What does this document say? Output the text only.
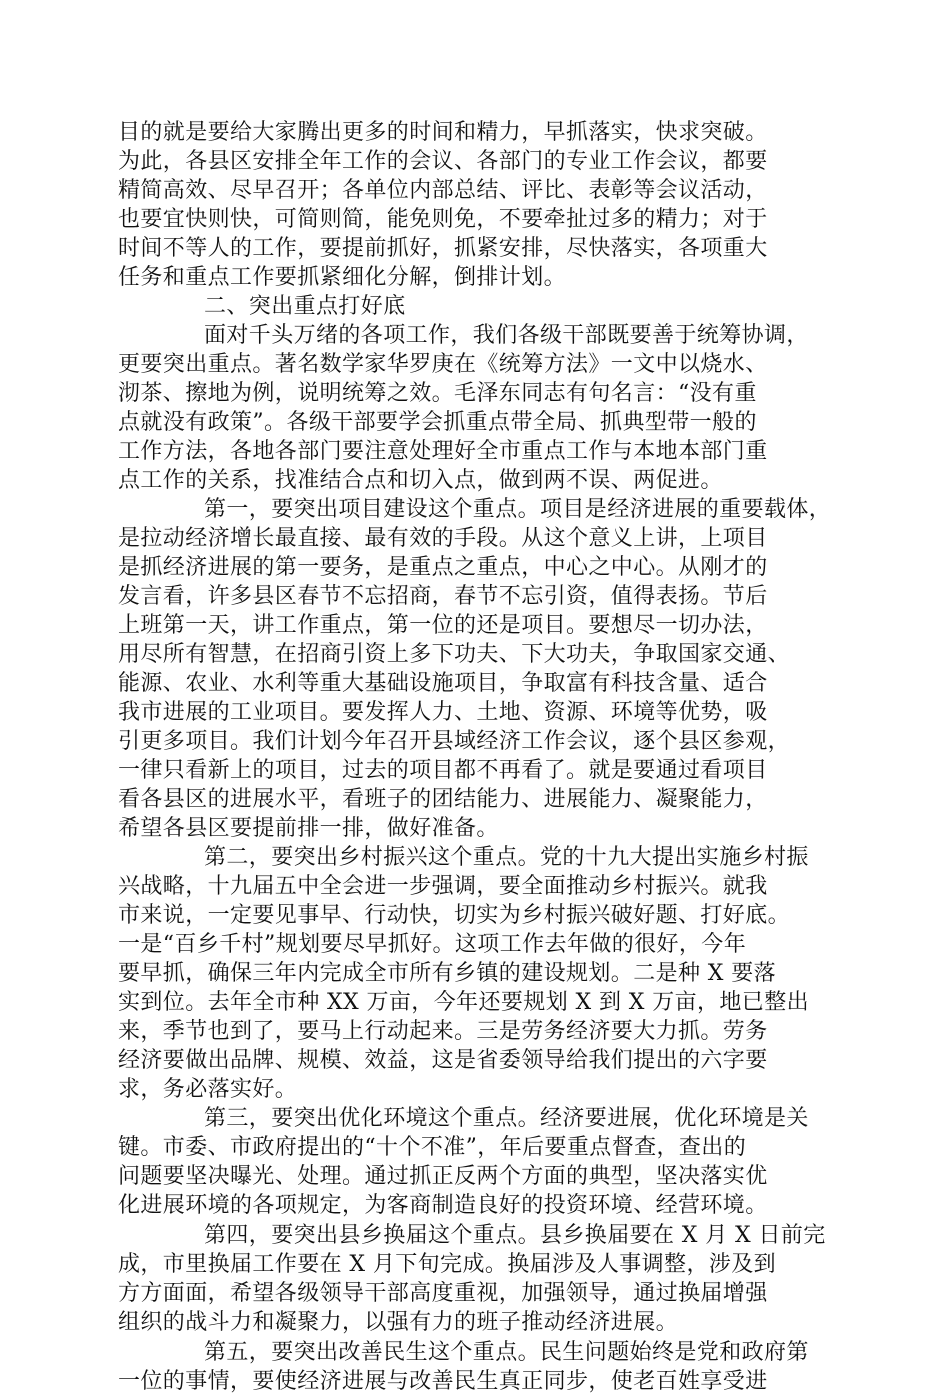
目的就是要给大家腾出更多的时间和精力，早抓落实，快求突破。
为此，各县区安排全年工作的会议、各部门的专业工作会议，都要
精简高效、尽早召开；各单位内部总结、评比、表彰等会议活动，
也要宜快则快，可简则简，能免则免，不要牵扯过多的精力；对于
时间不等人的工作，要提前抓好，抓紧安排，尽快落实，各项重大
任务和重点工作要抓紧细化分解，倒排计划。
二、突出重点打好底
面对千头万绪的各项工作，我们各级干部既要善于统筹协调，
更要突出重点。著名数学家华罗庚在《统筹方法》一文中以烧水、
沏茶、擦地为例，说明统筹之效。毛泽东同志有句名言：“没有重
点就没有政策”。各级干部要学会抓重点带全局、抓典型带一般的
工作方法，各地各部门要注意处理好全市重点工作与本地本部门重
点工作的关系，找准结合点和切入点，做到两不误、两促进。
第一，要突出项目建设这个重点。项目是经济进展的重要载体，
是拉动经济增长最直接、最有效的手段。从这个意义上讲，上项目
是抓经济进展的第一要务，是重点之重点，中心之中心。从刚才的
发言看，许多县区春节不忘招商，春节不忘引资，值得表扬。节后
上班第一天，讲工作重点，第一位的还是项目。要想尽一切办法，
用尽所有智慧，在招商引资上多下功夫、下大功夫，争取国家交通、
能源、农业、水利等重大基础设施项目，争取富有科技含量、适合
我市进展的工业项目。要发挥人力、土地、资源、环境等优势，吸
引更多项目。我们计划今年召开县域经济工作会议，逐个县区参观，
一律只看新上的项目，过去的项目都不再看了。就是要通过看项目
看各县区的进展水平，看班子的团结能力、进展能力、凝聚能力，
希望各县区要提前排一排，做好准备。
第二，要突出乡村振兴这个重点。党的十九大提出实施乡村振
兴战略，十九届五中全会进一步强调，要全面推动乡村振兴。就我
市来说，一定要见事早、行动快，切实为乡村振兴破好题、打好底。
一是“百乡千村”规划要尽早抓好。这项工作去年做的很好，今年
要早抓，确保三年内完成全市所有乡镇的建设规划。二是种 X 要落
实到位。去年全市种 XX 万亩，今年还要规划 X 到 X 万亩，地已整出
来，季节也到了，要马上行动起来。三是劳务经济要大力抓。劳务
经济要做出品牌、规模、效益，这是省委领导给我们提出的六字要
求，务必落实好。
第三，要突出优化环境这个重点。经济要进展，优化环境是关
键。市委、市政府提出的“十个不准”，年后要重点督查，查出的
问题要坚决曝光、处理。通过抓正反两个方面的典型，坚决落实优
化进展环境的各项规定，为客商制造良好的投资环境、经营环境。
第四，要突出县乡换届这个重点。县乡换届要在 X 月 X 日前完
成，市里换届工作要在 X 月下旬完成。换届涉及人事调整，涉及到
方方面面，希望各级领导干部高度重视，加强领导，通过换届增强
组织的战斗力和凝聚力，以强有力的班子推动经济进展。
第五，要突出改善民生这个重点。民生问题始终是党和政府第
一位的事情，要使经济进展与改善民生真正同步，使老百姓享受进
